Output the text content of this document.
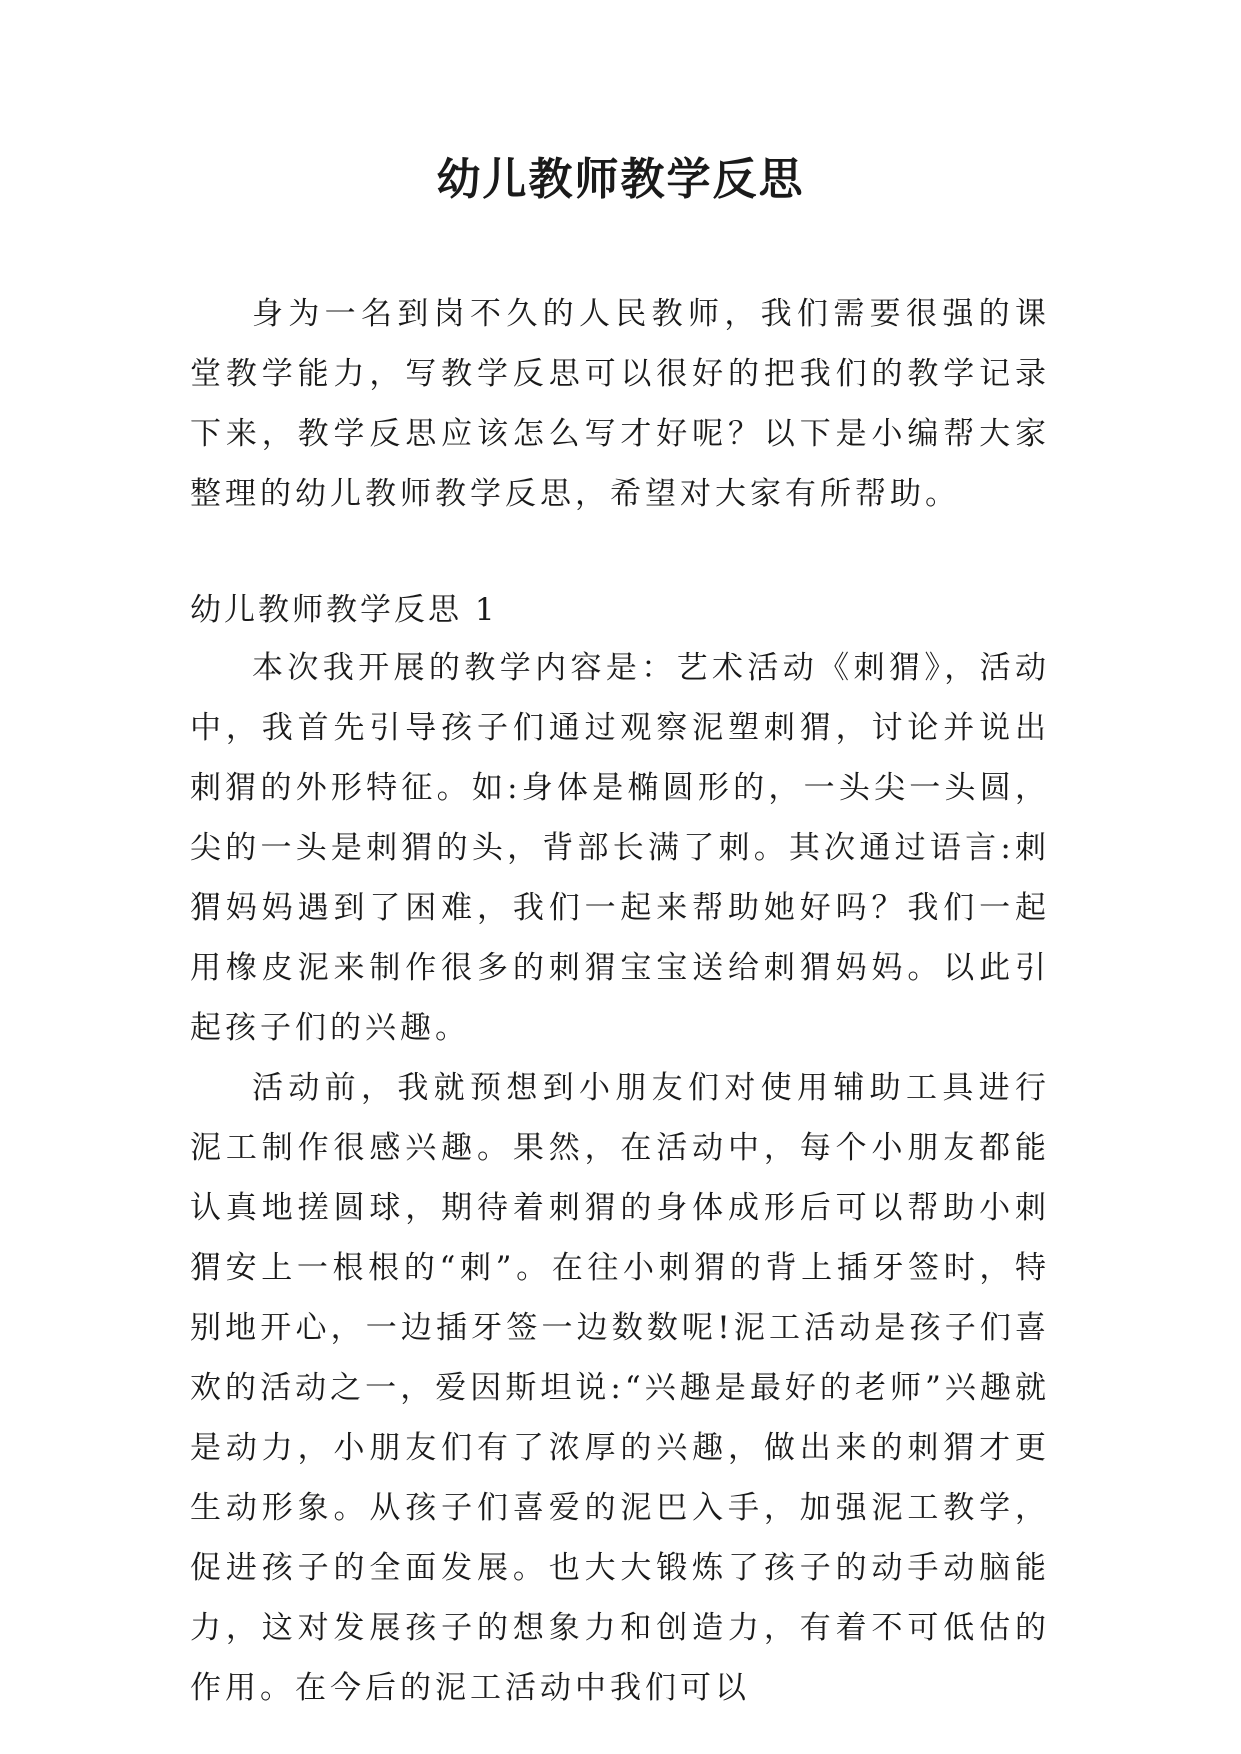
幼儿教师教学反思

身为一名到岗不久的人民教师，我们需要很强的课堂教学能力，写教学反思可以很好的把我们的教学记录下来，教学反思应该怎么写才好呢？以下是小编帮大家整理的幼儿教师教学反思，希望对大家有所帮助。

幼儿教师教学反思 1

本次我开展的教学内容是：艺术活动《刺猬》，活动中，我首先引导孩子们通过观察泥塑刺猬，讨论并说出刺猬的外形特征。如:身体是椭圆形的，一头尖一头圆，尖的一头是刺猬的头，背部长满了刺。其次通过语言:刺猬妈妈遇到了困难，我们一起来帮助她好吗？我们一起用橡皮泥来制作很多的刺猬宝宝送给刺猬妈妈。以此引起孩子们的兴趣。

活动前，我就预想到小朋友们对使用辅助工具进行泥工制作很感兴趣。果然，在活动中，每个小朋友都能认真地搓圆球，期待着刺猬的身体成形后可以帮助小刺猬安上一根根的“刺”。在往小刺猬的背上插牙签时，特别地开心，一边插牙签一边数数呢!泥工活动是孩子们喜欢的活动之一，爱因斯坦说:“兴趣是最好的老师”兴趣就是动力，小朋友们有了浓厚的兴趣，做出来的刺猬才更生动形象。从孩子们喜爱的泥巴入手，加强泥工教学，促进孩子的全面发展。也大大锻炼了孩子的动手动脑能力，这对发展孩子的想象力和创造力，有着不可低估的作用。在今后的泥工活动中我们可以
